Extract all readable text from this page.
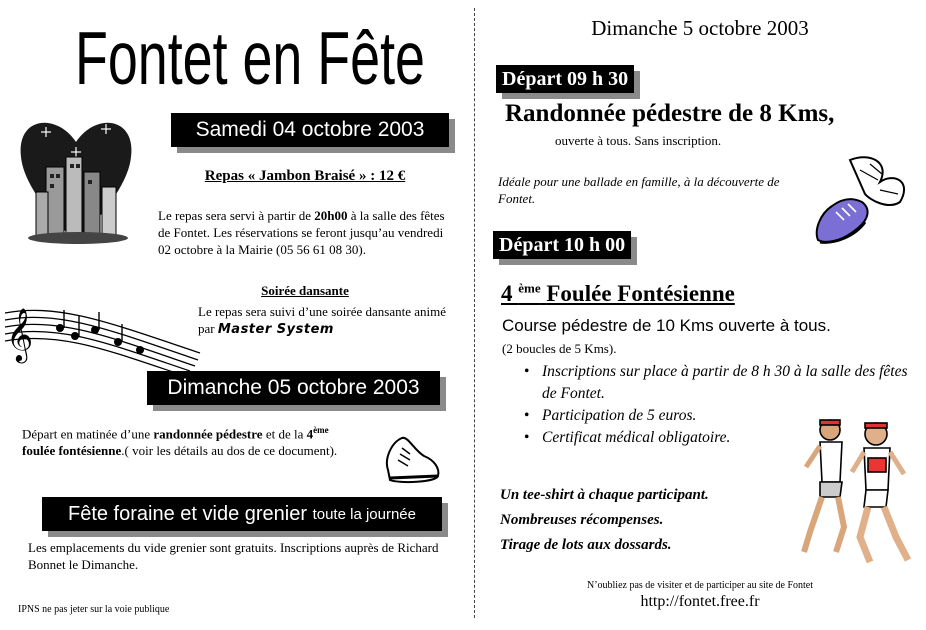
Fontet en Fête
Samedi 04 octobre 2003
Repas « Jambon Braisé » : 12 €

Le repas sera servi à partir de 20h00 à la salle des fêtes de Fontet. Les réservations se feront jusqu’au vendredi 02 octobre à la Mairie (05 56 61 08 30).

Soirée dansante
𝄞	Le repas sera suivi d’une soirée dansante animé par Master System

Dimanche 05 octobre 2003

Départ en matinée d’une randonnée pédestre et de la 4ème foulée fontésienne.( voir les détails au dos de ce document).

Fête foraine et vide grenier
toute la journée

Les emplacements du vide grenier sont gratuits. Inscriptions auprès de Richard Bonnet le Dimanche.

IPNS ne pas jeter sur la voie publique
Dimanche 5 octobre 2003
Départ 09 h 30
Randonnée pédestre de 8 Kms,
ouverte à tous. Sans inscription.

Idéale pour une ballade en famille, à la découverte de Fontet.

Départ 10 h 00
4 $^{ème}$ Foulée Fontésienne
Course pédestre de 10 Kms ouverte à tous.
(2 boucles de 5 Kms).
• Inscriptions sur place à partir de 8 h 30 à la salle des fêtes de Fontet.
• Participation de 5 euros.
• Certificat médical obligatoire.
Un tee-shirt à chaque participant.
Nombreuses récompenses.
Tirage de lots aux dossards.
N’oubliez pas de visiter et de participer au site de Fontet
http://fontet.free.fr
